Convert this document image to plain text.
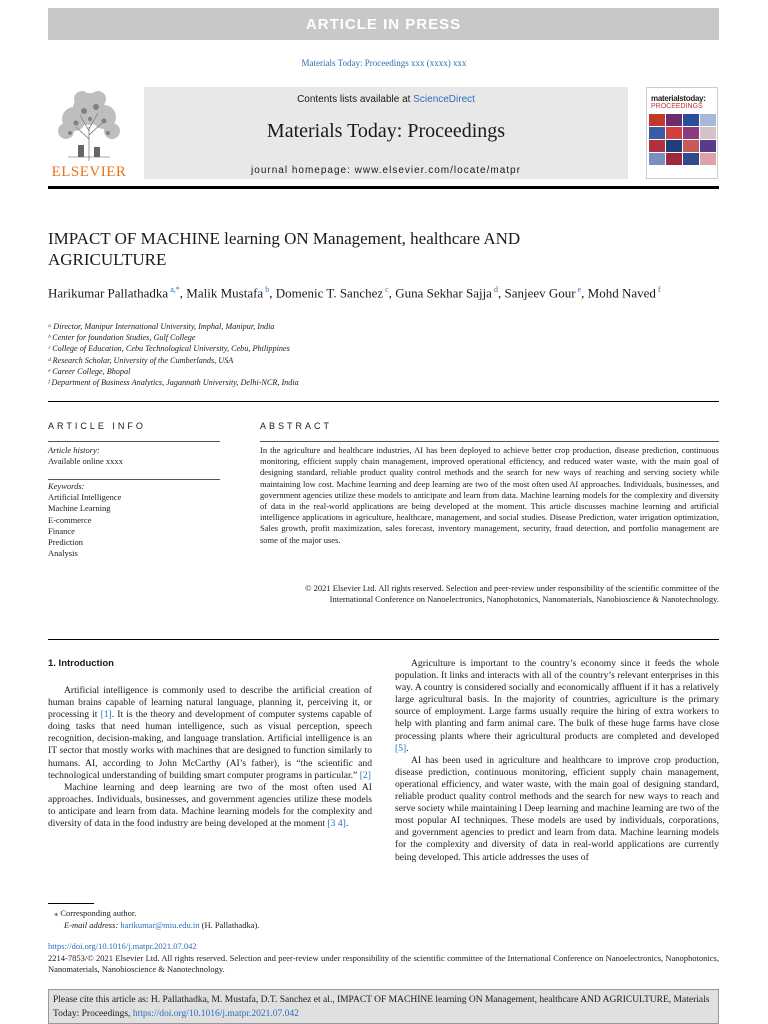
ARTICLE IN PRESS
Materials Today: Proceedings xxx (xxxx) xxx
ELSEVIER
Contents lists available at ScienceDirect
Materials Today: Proceedings
journal homepage: www.elsevier.com/locate/matpr
materialstoday:
PROCEEDINGS
IMPACT OF MACHINE learning ON Management, healthcare AND AGRICULTURE
Harikumar Pallathadka $^{a,*}$, Malik Mustafa $^b$, Domenic T. Sanchez $^c$, Guna Sekhar Sajja $^d$, Sanjeev Gour $^e$, Mohd Naved $^f$
ᵃ Director, Manipur International University, Imphal, Manipur, India
ᵇ Center for foundation Studies, Gulf College
ᶜ College of Education, Cebu Technological University, Cebu, Philippines
ᵈ Research Scholar, University of the Cumberlands, USA
ᵉ Career College, Bhopal
ᶠ Department of Business Analytics, Jagannath University, Delhi-NCR, India
ARTICLE INFO
Article history:
Available online xxxx
Keywords:
Artificial Intelligence
Machine Learning
E-commerce
Finance
Prediction
Analysis
ABSTRACT
In the agriculture and healthcare industries, AI has been deployed to achieve better crop production, disease prediction, continuous monitoring, efficient supply chain management, improved operational efficiency, and reduced water waste, with the main goal of designing standard, reliable product quality control methods and the search for new ways of reaching and serving society while maintaining low cost. Machine learning and deep learning are two of the most often used AI approaches. Individuals, businesses, and government agencies utilize these models to anticipate and learn from data. Machine learning models for the complexity and diversity of data in the real-world applications are being developed at the moment. This article discusses machine learning and artificial intelligence applications in agriculture, healthcare, management, and social studies. Disease Prediction, water irrigation optimization, Sales growth, profit maximization, sales forecast, inventory management, security, fraud detection, and portfolio management are some of the major uses.
© 2021 Elsevier Ltd. All rights reserved. Selection and peer-review under responsibility of the scientific committee of the International Conference on Nanoelectronics, Nanophotonics, Nanomaterials, Nanobioscience & Nanotechnology.
1. Introduction

Artificial intelligence is commonly used to describe the artificial creation of human brains capable of learning natural language, planning it, perceiving it, or processing it [1]. It is the theory and development of computer systems capable of doing tasks that need human intelligence, such as visual perception, speech recognition, decision-making, and language translation. Artificial intelligence is an IT sector that mostly works with machines that are designed to function similarly to humans. AI, according to John McCarthy (AI’s father), is “the scientific and technological understanding of building smart computer programs in particular.” [2]

Machine learning and deep learning are two of the most often used AI approaches. Individuals, businesses, and government agencies utilize these models to anticipate and learn from data. Machine learning models for the complexity and diversity of data in the food industry are being developed at the moment [3 4].

Agriculture is important to the country’s economy since it feeds the whole population. It links and interacts with all of the country’s relevant enterprises in this way. A country is considered socially and economically affluent if it has a relatively large agricultural basis. In the majority of countries, agriculture is the primary source of employment. Large farms usually require the hiring of extra workers to help with planting and farm animal care. The bulk of these huge farms have close processing plants where their agricultural products are completed and developed [5].

AI has been used in agriculture and healthcare to improve crop production, disease prediction, continuous monitoring, efficient supply chain management, operational efficiency, and water waste, with the main goal of designing standard, reliable product quality control methods and the search for new ways to reach and serve society while maintaining l Deep learning and machine learning are two of the most popular AI techniques. These models are used by individuals, corporations, and government agencies to predict and learn from data. Machine learning models for the complexity and diversity of data in real-world applications are currently being developed. This article addresses the uses of

⁎ Corresponding author.
E-mail address: harikumar@miu.edu.in (H. Pallathadka).
https://doi.org/10.1016/j.matpr.2021.07.042
2214-7853/© 2021 Elsevier Ltd. All rights reserved. Selection and peer-review under responsibility of the scientific committee of the International Conference on Nanoelectronics, Nanophotonics, Nanomaterials, Nanobioscience & Nanotechnology.
Please cite this article as: H. Pallathadka, M. Mustafa, D.T. Sanchez et al., IMPACT OF MACHINE learning ON Management, healthcare AND AGRICULTURE, Materials Today: Proceedings, https://doi.org/10.1016/j.matpr.2021.07.042
